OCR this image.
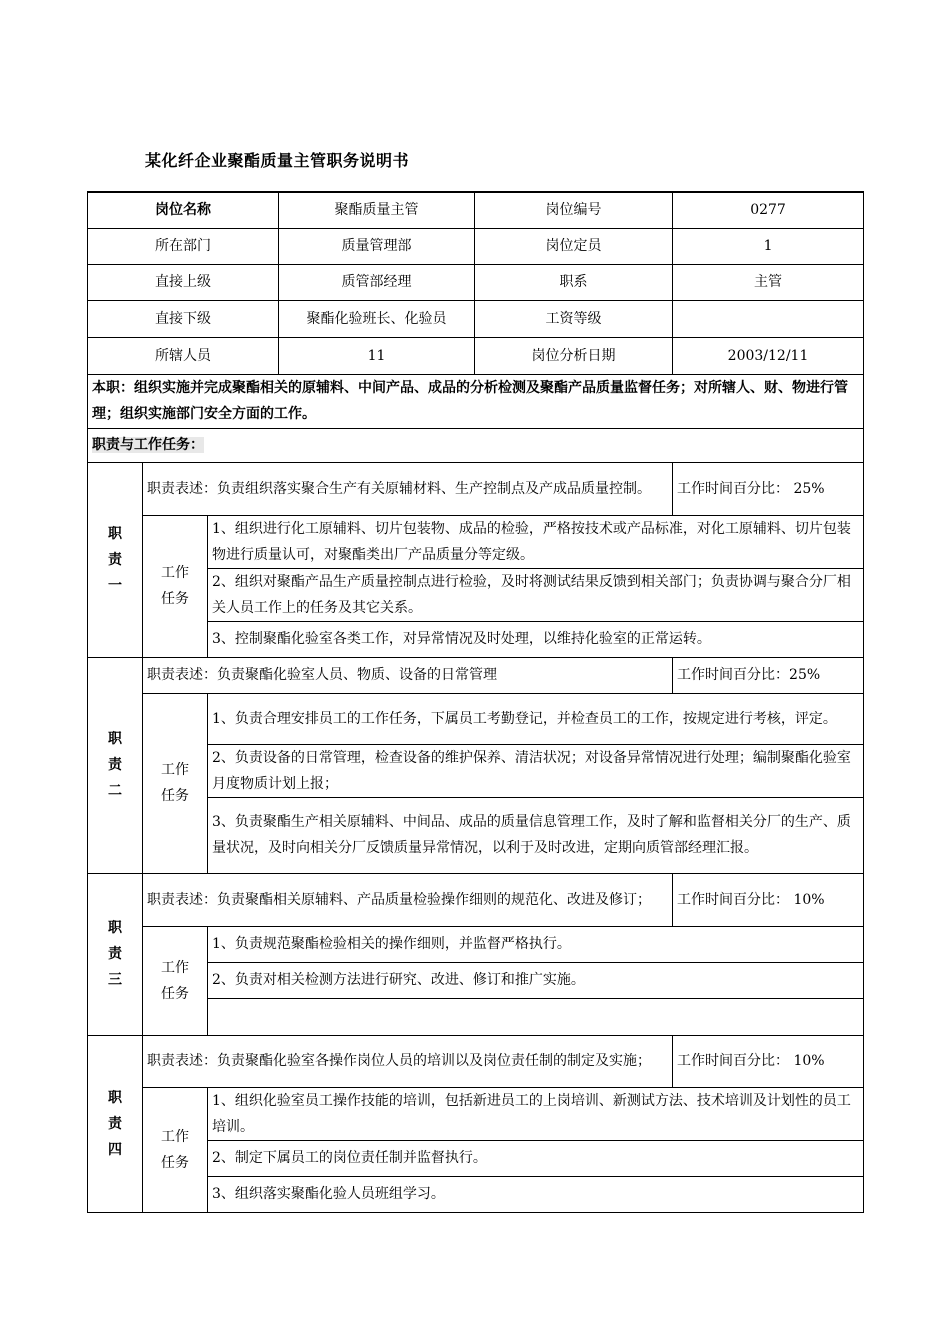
某化纤企业聚酯质量主管职务说明书
岗位名称			聚酯质量主管	岗位编号	0277
所在部门			质量管理部	岗位定员	1
直接上级			质管部经理	职系	主管
直接下级			聚酯化验班长、化验员	工资等级	
所辖人员			11	岗位分析日期	2003/12/11
本职：组织实施并完成聚酯相关的原辅料、中间产品、成品的分析检测及聚酯产品质量监督任务；对所辖人、财、物进行管理；组织实施部门安全方面的工作。					
职责与工作任务：					

职
责
一	职责表述：负责组织落实聚合生产有关原辅材料、生产控制点及产成品质量控制。				工作时间百分比： 25%

	工作
任务	1、组织进行化工原辅料、切片包装物、成品的检验，严格按技术或产品标准，对化工原辅料、切片包装物进行质量认可，对聚酯类出厂产品质量分等定级。			
		2、组织对聚酯产品生产质量控制点进行检验，及时将测试结果反馈到相关部门；负责协调与聚合分厂相关人员工作上的任务及其它关系。			
		3、控制聚酯化验室各类工作，对异常情况及时处理，以维持化验室的正常运转。			

职
责
二	职责表述：负责聚酯化验室人员、物质、设备的日常管理				工作时间百分比：25%

	工作
任务	1、负责合理安排员工的工作任务，下属员工考勤登记，并检查员工的工作，按规定进行考核，评定。			
		2、负责设备的日常管理，检查设备的维护保养、清洁状况；对设备异常情况进行处理；编制聚酯化验室月度物质计划上报；			
		3、负责聚酯生产相关原辅料、中间品、成品的质量信息管理工作，及时了解和监督相关分厂的生产、质量状况，及时向相关分厂反馈质量异常情况，以利于及时改进，定期向质管部经理汇报。			

职
责
三	职责表述：负责聚酯相关原辅料、产品质量检验操作细则的规范化、改进及修订；				工作时间百分比： 10%

	工作
任务	1、负责规范聚酯检验相关的操作细则，并监督严格执行。			
		2、负责对相关检测方法进行研究、改进、修订和推广实施。			

职
责
四	职责表述：负责聚酯化验室各操作岗位人员的培训以及岗位责任制的制定及实施；				工作时间百分比： 10%

	工作
任务	1、组织化验室员工操作技能的培训，包括新进员工的上岗培训、新测试方法、技术培训及计划性的员工培训。			
		2、制定下属员工的岗位责任制并监督执行。			
		3、组织落实聚酯化验人员班组学习。			
